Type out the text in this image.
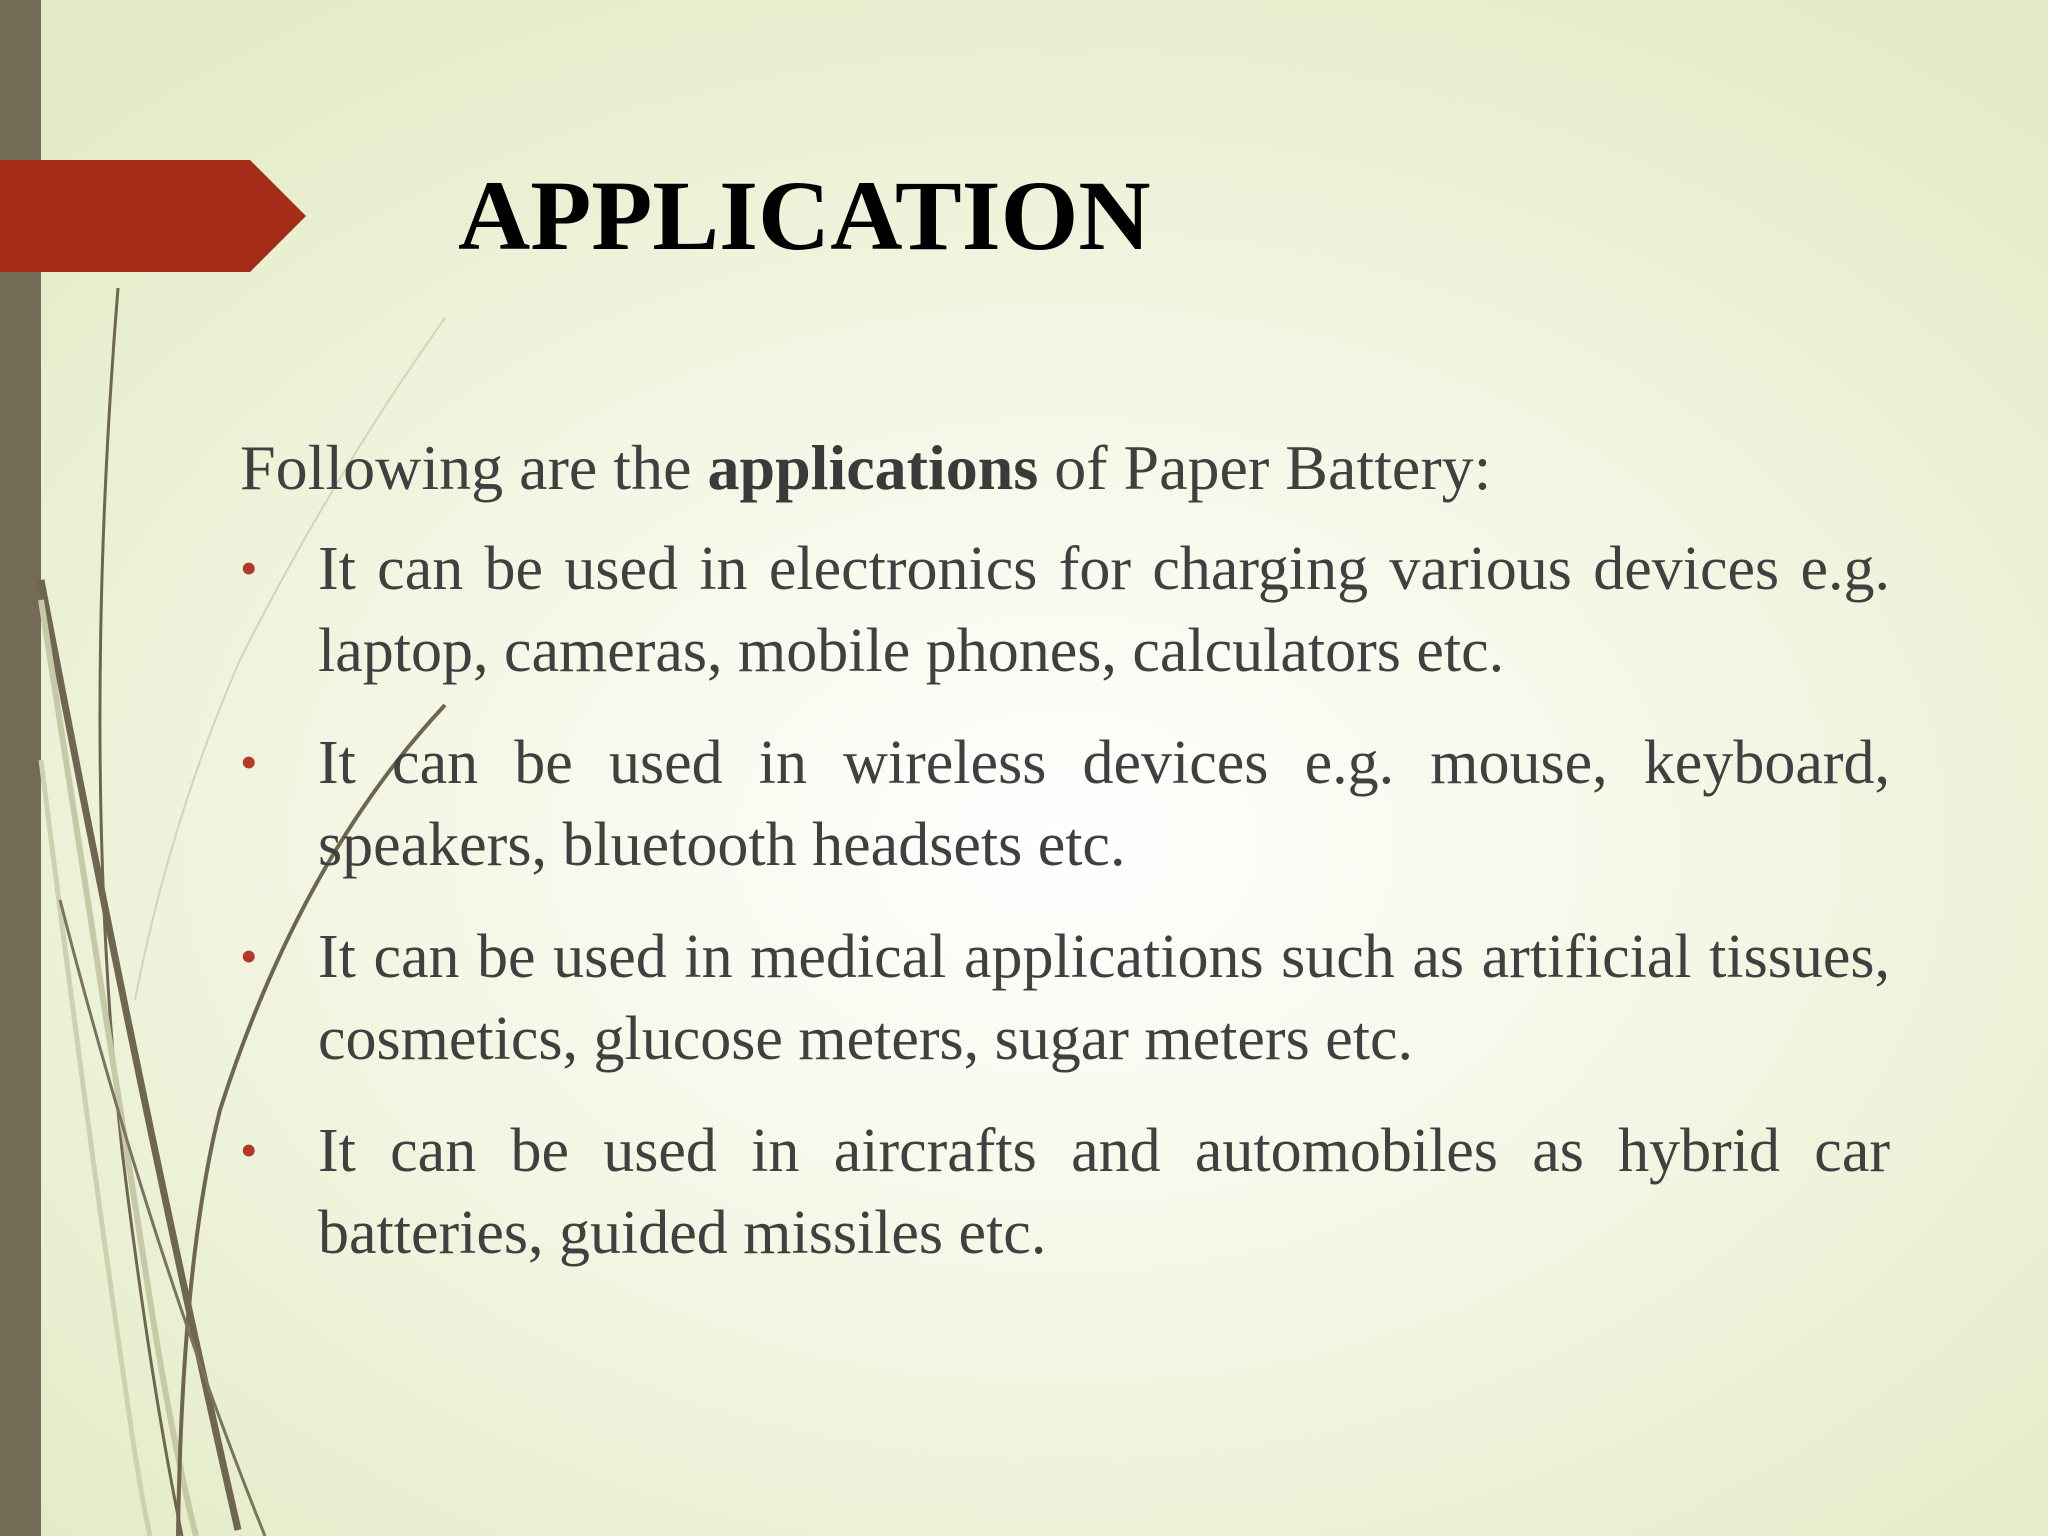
APPLICATION

Following are the applications of Paper Battery:

• It can be used in electronics for charging various devices e.g. laptop, cameras, mobile phones, calculators etc.
• It can be used in wireless devices e.g. mouse, keyboard, speakers, bluetooth headsets etc.
• It can be used in medical applications such as artificial tissues, cosmetics, glucose meters, sugar meters etc.
• It can be used in aircrafts and automobiles as hybrid car batteries, guided missiles etc.
